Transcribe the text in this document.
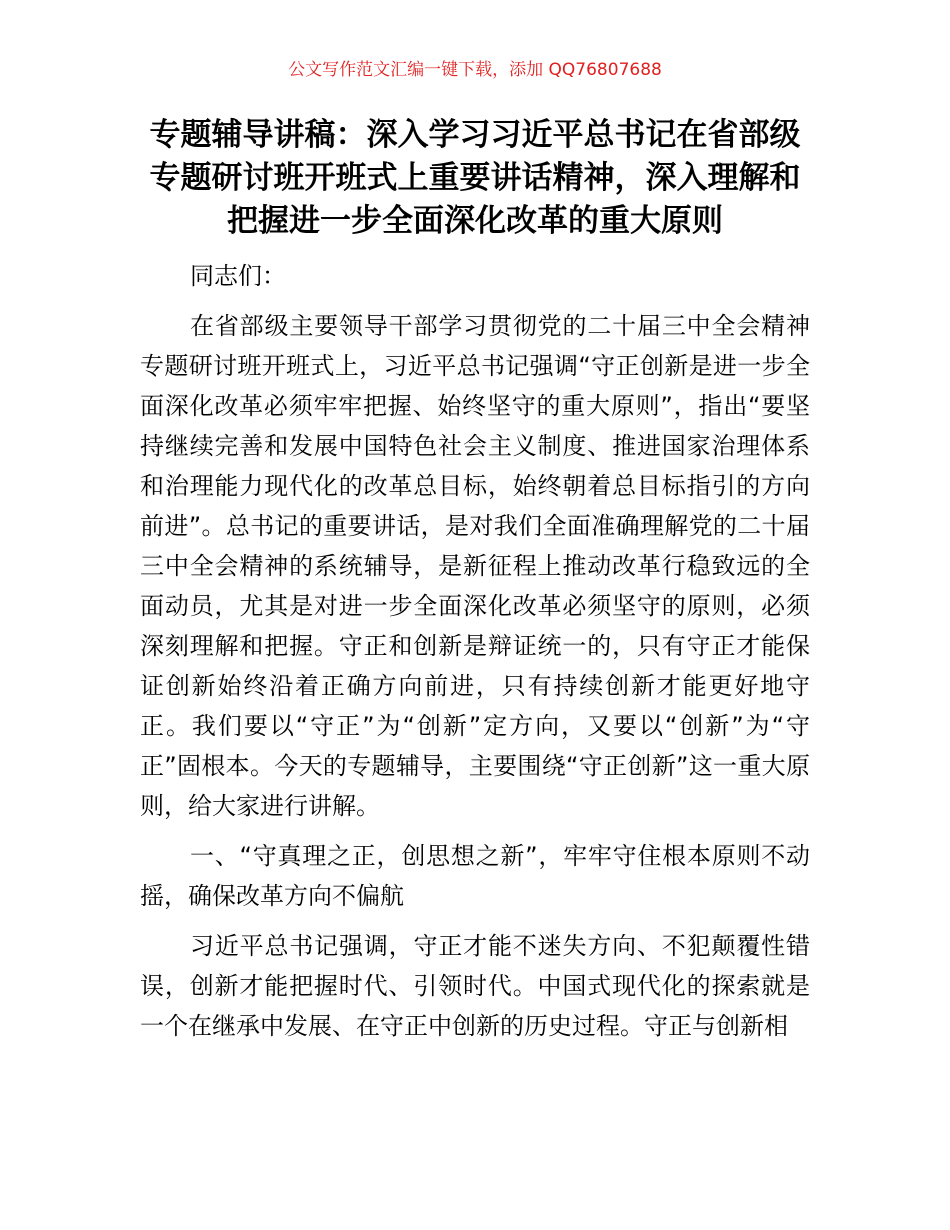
公文写作范文汇编一键下载，添加 QQ76807688
专题辅导讲稿：深入学习习近平总书记在省部级专题研讨班开班式上重要讲话精神，深入理解和把握进一步全面深化改革的重大原则

同志们：

在省部级主要领导干部学习贯彻党的二十届三中全会精神专题研讨班开班式上，习近平总书记强调“守正创新是进一步全面深化改革必须牢牢把握、始终坚守的重大原则”，指出“要坚持继续完善和发展中国特色社会主义制度、推进国家治理体系和治理能力现代化的改革总目标，始终朝着总目标指引的方向前进”。总书记的重要讲话，是对我们全面准确理解党的二十届三中全会精神的系统辅导，是新征程上推动改革行稳致远的全面动员，尤其是对进一步全面深化改革必须坚守的原则，必须深刻理解和把握。守正和创新是辩证统一的，只有守正才能保证创新始终沿着正确方向前进，只有持续创新才能更好地守正。我们要以“守正”为“创新”定方向，又要以“创新”为“守正”固根本。今天的专题辅导，主要围绕“守正创新”这一重大原则，给大家进行讲解。

一、“守真理之正，创思想之新”，牢牢守住根本原则不动摇，确保改革方向不偏航

习近平总书记强调，守正才能不迷失方向、不犯颠覆性错误，创新才能把握时代、引领时代。中国式现代化的探索就是一个在继承中发展、在守正中创新的历史过程。守正与创新相
